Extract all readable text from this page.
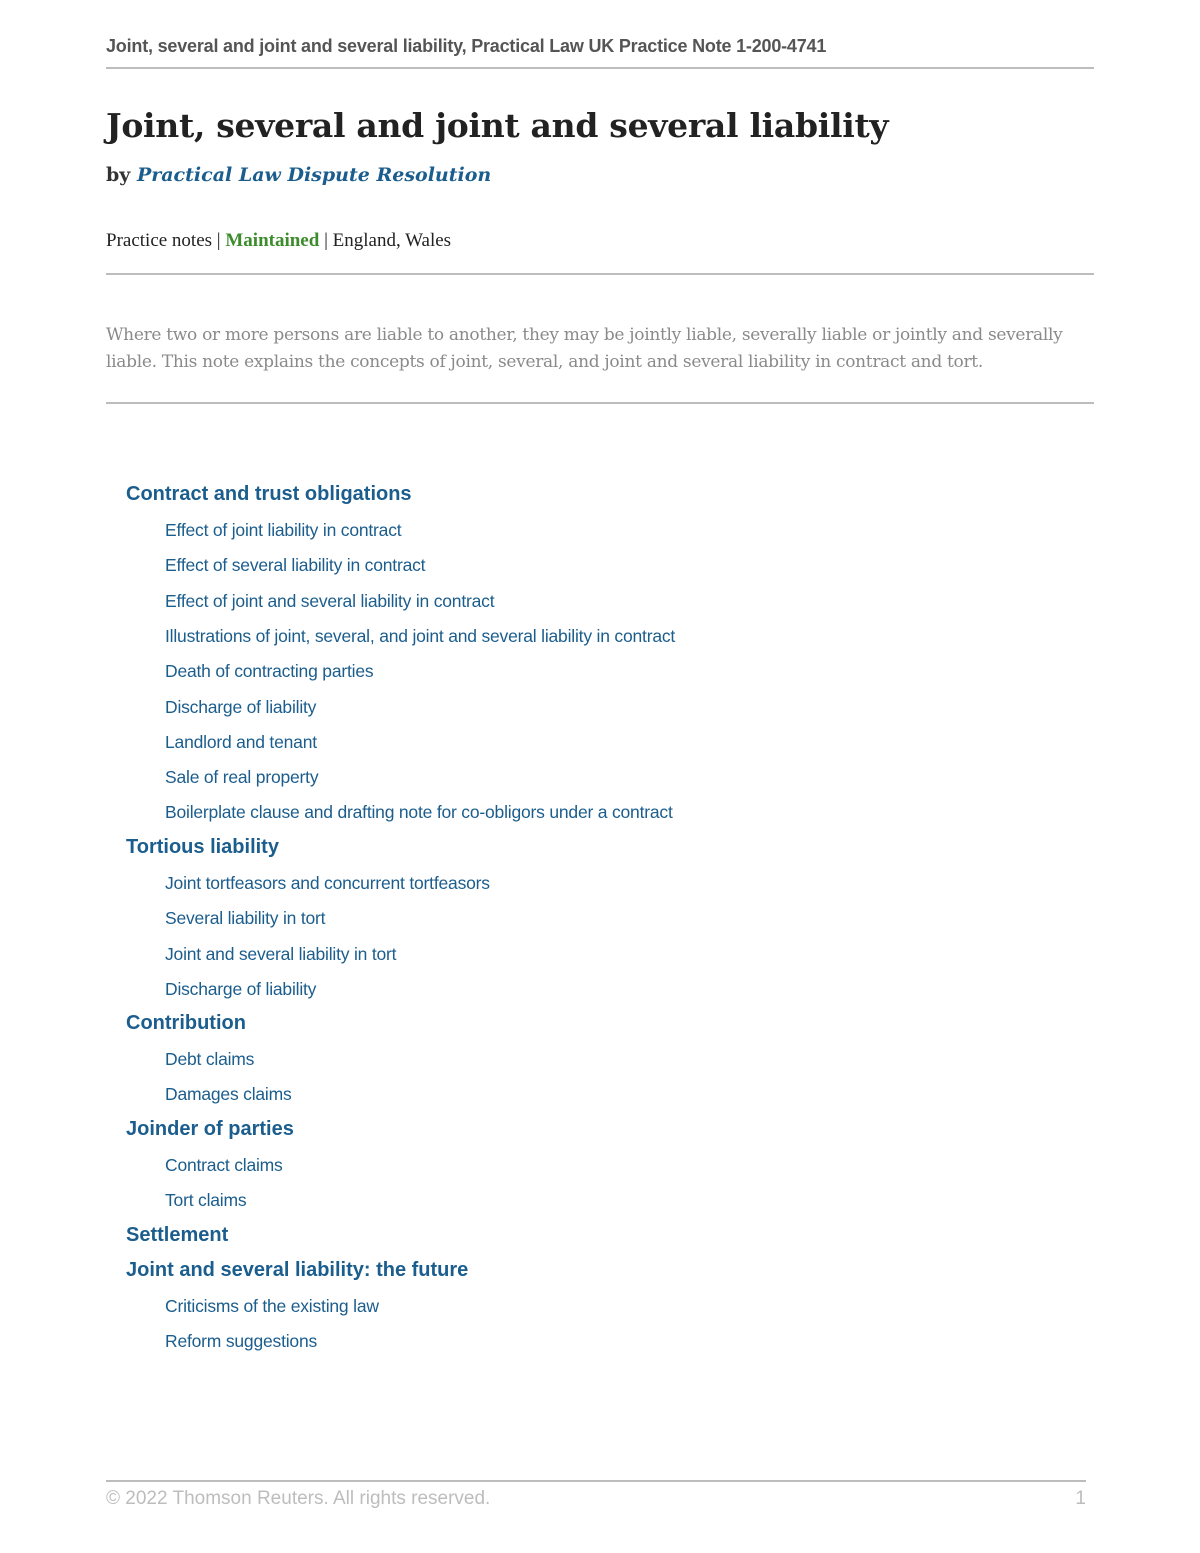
Joint, several and joint and several liability, Practical Law UK Practice Note 1-200-4741
Joint, several and joint and several liability
by Practical Law Dispute Resolution
Practice notes | Maintained | England, Wales

Where two or more persons are liable to another, they may be jointly liable, severally liable or jointly and severally liable. This note explains the concepts of joint, several, and joint and several liability in contract and tort.

Contract and trust obligations
Effect of joint liability in contract
Effect of several liability in contract
Effect of joint and several liability in contract
Illustrations of joint, several, and joint and several liability in contract
Death of contracting parties
Discharge of liability
Landlord and tenant
Sale of real property
Boilerplate clause and drafting note for co-obligors under a contract
Tortious liability
Joint tortfeasors and concurrent tortfeasors
Several liability in tort
Joint and several liability in tort
Discharge of liability
Contribution
Debt claims
Damages claims
Joinder of parties
Contract claims
Tort claims
Settlement
Joint and several liability: the future
Criticisms of the existing law
Reform suggestions
© 2022 Thomson Reuters. All rights reserved.	1
